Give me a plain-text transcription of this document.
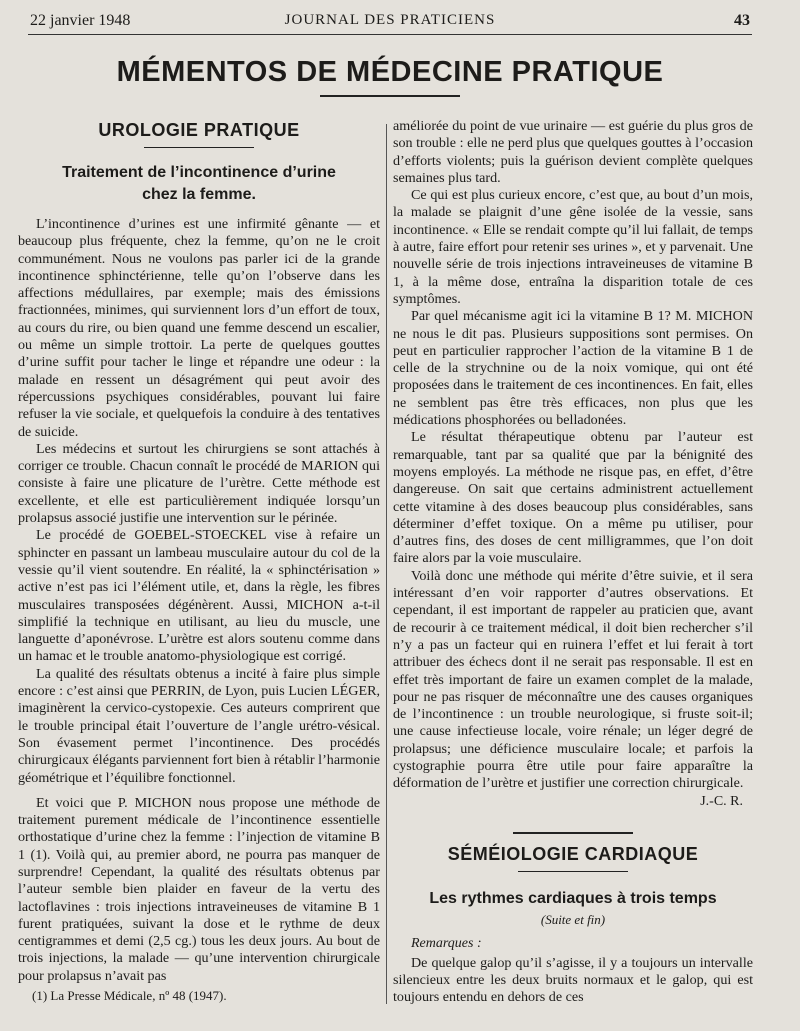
22 janvier 1948	JOURNAL DES PRATICIENS	43
MÉMENTOS DE MÉDECINE PRATIQUE
UROLOGIE PRATIQUE
Traitement de l’incontinence d’urine
chez la femme.

L’incontinence d’urines est une infirmité gênante — et beaucoup plus fréquente, chez la femme, qu’on ne le croit communément. Nous ne voulons pas parler ici de la grande incontinence sphinctérienne, telle qu’on l’observe dans les affections médullaires, par exemple; mais des émissions fractionnées, minimes, qui surviennent lors d’un effort de toux, au cours du rire, ou bien quand une femme descend un escalier, ou même un simple trottoir. La perte de quelques gouttes d’urine suffit pour tacher le linge et répandre une odeur : la malade en ressent un désagrément qui peut avoir des répercussions psychiques considérables, pouvant lui faire refuser la vie sociale, et quelquefois la conduire à des tentatives de suicide.

Les médecins et surtout les chirurgiens se sont attachés à corriger ce trouble. Chacun connaît le procédé de MARION qui consiste à faire une plicature de l’urètre. Cette méthode est excellente, et elle est particulièrement indiquée lorsqu’un prolapsus associé justifie une intervention sur le périnée.

Le procédé de GOEBEL-STOECKEL vise à refaire un sphincter en passant un lambeau musculaire autour du col de la vessie qu’il vient soutendre. En réalité, la « sphinctérisation » active n’est pas ici l’élément utile, et, dans la règle, les fibres musculaires transposées dégénèrent. Aussi, MICHON a-t-il simplifié la technique en utilisant, au lieu du muscle, une languette d’aponévrose. L’urètre est alors soutenu comme dans un hamac et le trouble anatomo-physiologique est corrigé.

La qualité des résultats obtenus a incité à faire plus simple encore : c’est ainsi que PERRIN, de Lyon, puis Lucien LÉGER, imaginèrent la cervico-cystopexie. Ces auteurs comprirent que le trouble principal était l’ouverture de l’angle urétro-vésical. Son évasement permet l’incontinence. Des procédés chirurgicaux élégants parviennent fort bien à rétablir l’harmonie géométrique et l’équilibre fonctionnel.

Et voici que P. MICHON nous propose une méthode de traitement purement médicale de l’incontinence essentielle orthostatique d’urine chez la femme : l’injection de vitamine B 1 (1). Voilà qui, au premier abord, ne pourra pas manquer de surprendre! Cependant, la qualité des résultats obtenus par l’auteur semble bien plaider en faveur de la vertu des lactoflavines : trois injections intraveineuses de vitamine B 1 furent pratiquées, suivant la dose et le rythme de deux centigrammes et demi (2,5 cg.) tous les deux jours. Au bout de trois injections, la malade — qu’une intervention chirurgicale pour prolapsus n’avait pas

(1) La Presse Médicale, nº 48 (1947).

améliorée du point de vue urinaire — est guérie du plus gros de son trouble : elle ne perd plus que quelques gouttes à l’occasion d’efforts violents; puis la guérison devient complète quelques semaines plus tard.

Ce qui est plus curieux encore, c’est que, au bout d’un mois, la malade se plaignit d’une gêne isolée de la vessie, sans incontinence. « Elle se rendait compte qu’il lui fallait, de temps à autre, faire effort pour retenir ses urines », et y parvenait. Une nouvelle série de trois injections intraveineuses de vitamine B 1, à la même dose, entraîna la disparition totale de ces symptômes.

Par quel mécanisme agit ici la vitamine B 1? M. MICHON ne nous le dit pas. Plusieurs suppositions sont permises. On peut en particulier rapprocher l’action de la vitamine B 1 de celle de la strychnine ou de la noix vomique, qui ont été proposées dans le traitement de ces incontinences. En fait, elles ne semblent pas être très efficaces, non plus que les médications phosphorées ou belladonées.

Le résultat thérapeutique obtenu par l’auteur est remarquable, tant par sa qualité que par la bénignité des moyens employés. La méthode ne risque pas, en effet, d’être dangereuse. On sait que certains administrent actuellement cette vitamine à des doses beaucoup plus considérables, sans déterminer d’effet toxique. On a même pu utiliser, pour d’autres fins, des doses de cent milligrammes, que l’on doit faire alors par la voie musculaire.

Voilà donc une méthode qui mérite d’être suivie, et il sera intéressant d’en voir rapporter d’autres observations. Et cependant, il est important de rappeler au praticien que, avant de recourir à ce traitement médical, il doit bien rechercher s’il n’y a pas un facteur qui en ruinera l’effet et lui ferait à tort attribuer des échecs dont il ne serait pas responsable. Il est en effet très important de faire un examen complet de la malade, pour ne pas risquer de méconnaître une des causes organiques de l’incontinence : un trouble neurologique, si fruste soit-il; une cause infectieuse locale, voire rénale; un léger degré de prolapsus; une déficience musculaire locale; et parfois la cystographie pourra être utile pour faire apparaître la déformation de l’urètre et justifier une correction chirurgicale.

J.-C. R.
SÉMÉIOLOGIE CARDIAQUE
Les rythmes cardiaques à trois temps
(Suite et fin)
Remarques :

De quelque galop qu’il s’agisse, il y a toujours un intervalle silencieux entre les deux bruits normaux et le galop, qui est toujours entendu en dehors de ces
